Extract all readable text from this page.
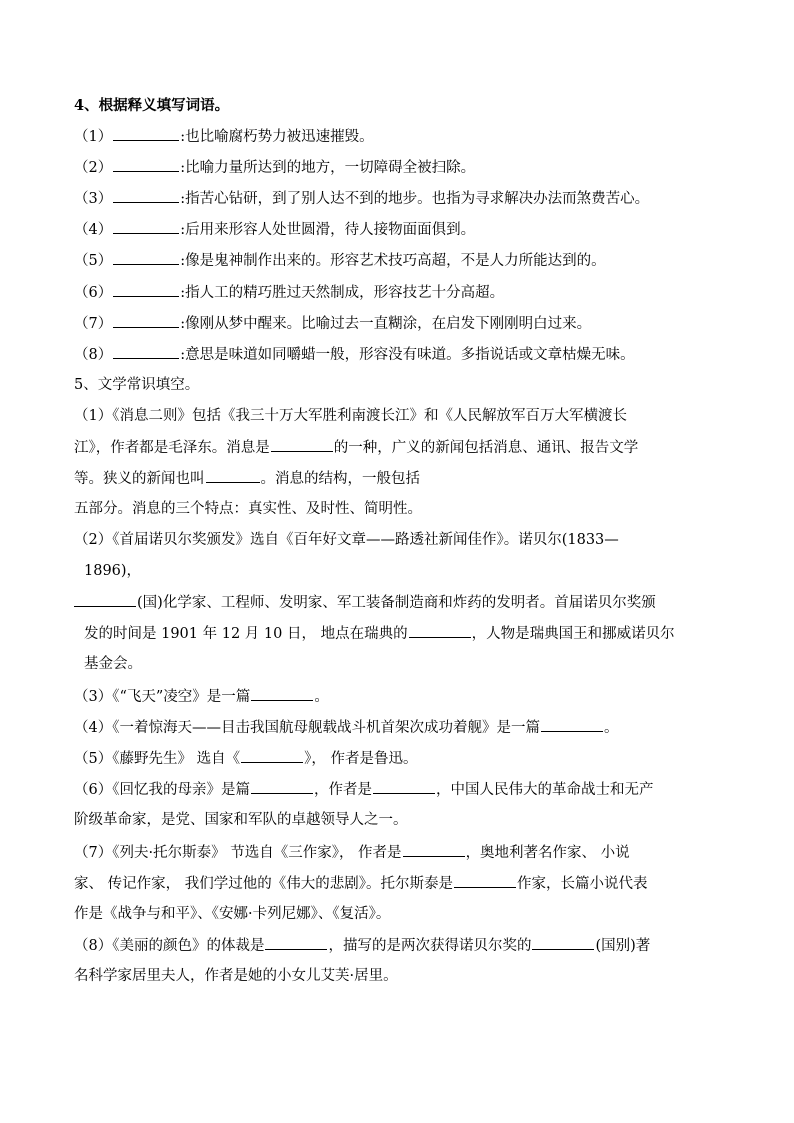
4、根据释义填写词语。
（1）	:也比喻腐朽势力被迅速摧毁。
（2）	:比喻力量所达到的地方，一切障碍全被扫除。
（3）	:指苦心钻研，到了别人达不到的地步。也指为寻求解决办法而煞费苦心。
（4）	:后用来形容人处世圆滑，待人接物面面俱到。
（5）	:像是鬼神制作出来的。形容艺术技巧高超，不是人力所能达到的。
（6）	:指人工的精巧胜过天然制成，形容技艺十分高超。
（7）	:像刚从梦中醒来。比喻过去一直糊涂，在启发下刚刚明白过来。
（8）	:意思是味道如同嚼蜡一般，形容没有味道。多指说话或文章枯燥无味。
5、文学常识填空。
（1）《消息二则》包括《我三十万大军胜利南渡长江》和《人民解放军百万大军横渡长
江》，作者都是毛泽东。消息是	的一种，广义的新闻包括消息、通讯、报告文学
等。狭义的新闻也叫	。消息的结构，一般包括
五部分。消息的三个特点：真实性、及时性、简明性。
（2）《首届诺贝尔奖颁发》选自《百年好文章——路透社新闻佳作》。诺贝尔(1833—
1896)，
(国)化学家、工程师、发明家、军工装备制造商和炸药的发明者。首届诺贝尔奖颁
发的时间是 1901 年 12 月 10 日， 地点在瑞典的	，人物是瑞典国王和挪威诺贝尔
基金会。
（3）《“飞天”凌空》是一篇	。
（4）《一着惊海天——目击我国航母舰载战斗机首架次成功着舰》是一篇	。
（5）《藤野先生》 选自《	》， 作者是鲁迅。
（6）《回忆我的母亲》是篇	，作者是	，中国人民伟大的革命战士和无产
阶级革命家，是党、国家和军队的卓越领导人之一。
（7）《列夫·托尔斯泰》 节选自《三作家》， 作者是	，奥地利著名作家、 小说
家、 传记作家， 我们学过他的《伟大的悲剧》。托尔斯泰是	作家，长篇小说代表
作是《战争与和平》、《安娜·卡列尼娜》、《复活》。
（8）《美丽的颜色》的体裁是	，描写的是两次获得诺贝尔奖的	(国别)著
名科学家居里夫人，作者是她的小女儿艾芙·居里。
